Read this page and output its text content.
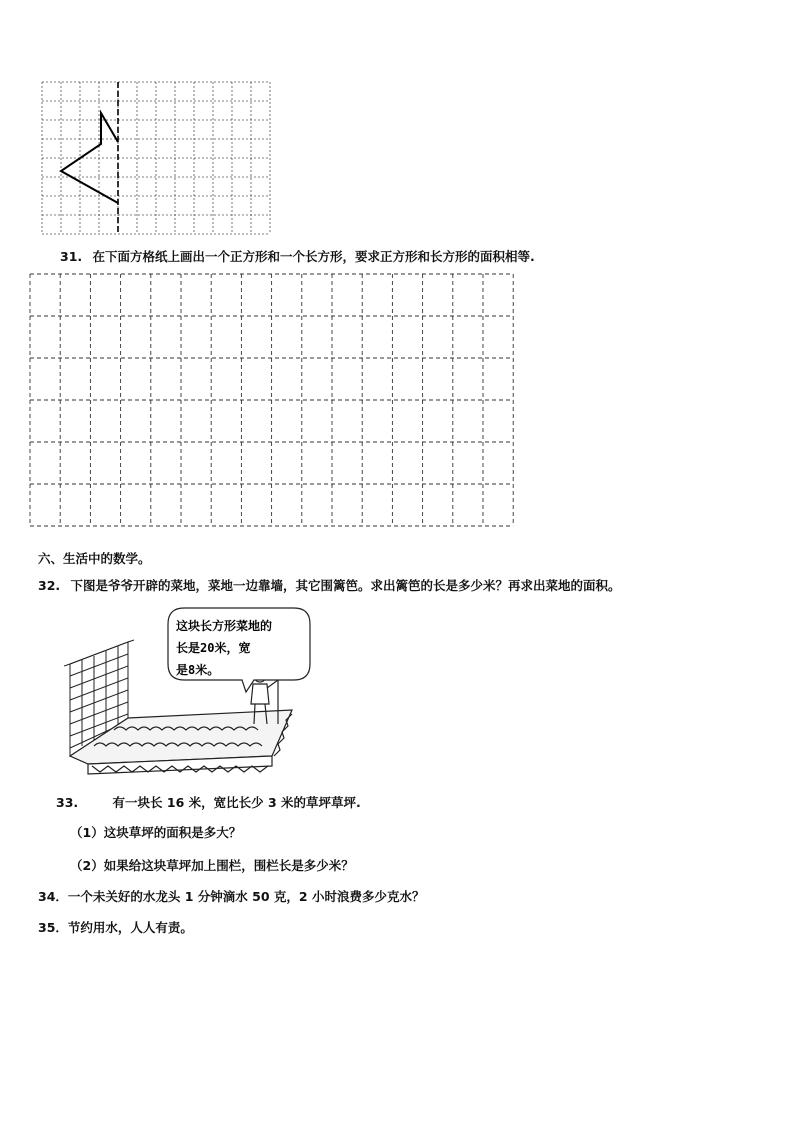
31. 在下面方格纸上画出一个正方形和一个长方形，要求正方形和长方形的面积相等.
六、生活中的数学。
32. 下图是爷爷开辟的菜地，菜地一边靠墙，其它围篱笆。求出篱笆的长是多少米？再求出菜地的面积。
这块长方形菜地的
长是20米，宽
是8米。
33.	有一块长 16 米，宽比长少 3 米的草坪草坪.
（1）这块草坪的面积是多大？
（2）如果给这块草坪加上围栏，围栏长是多少米？
34．一个未关好的水龙头 1 分钟滴水 50 克，2 小时浪费多少克水？
35．节约用水，人人有责。
